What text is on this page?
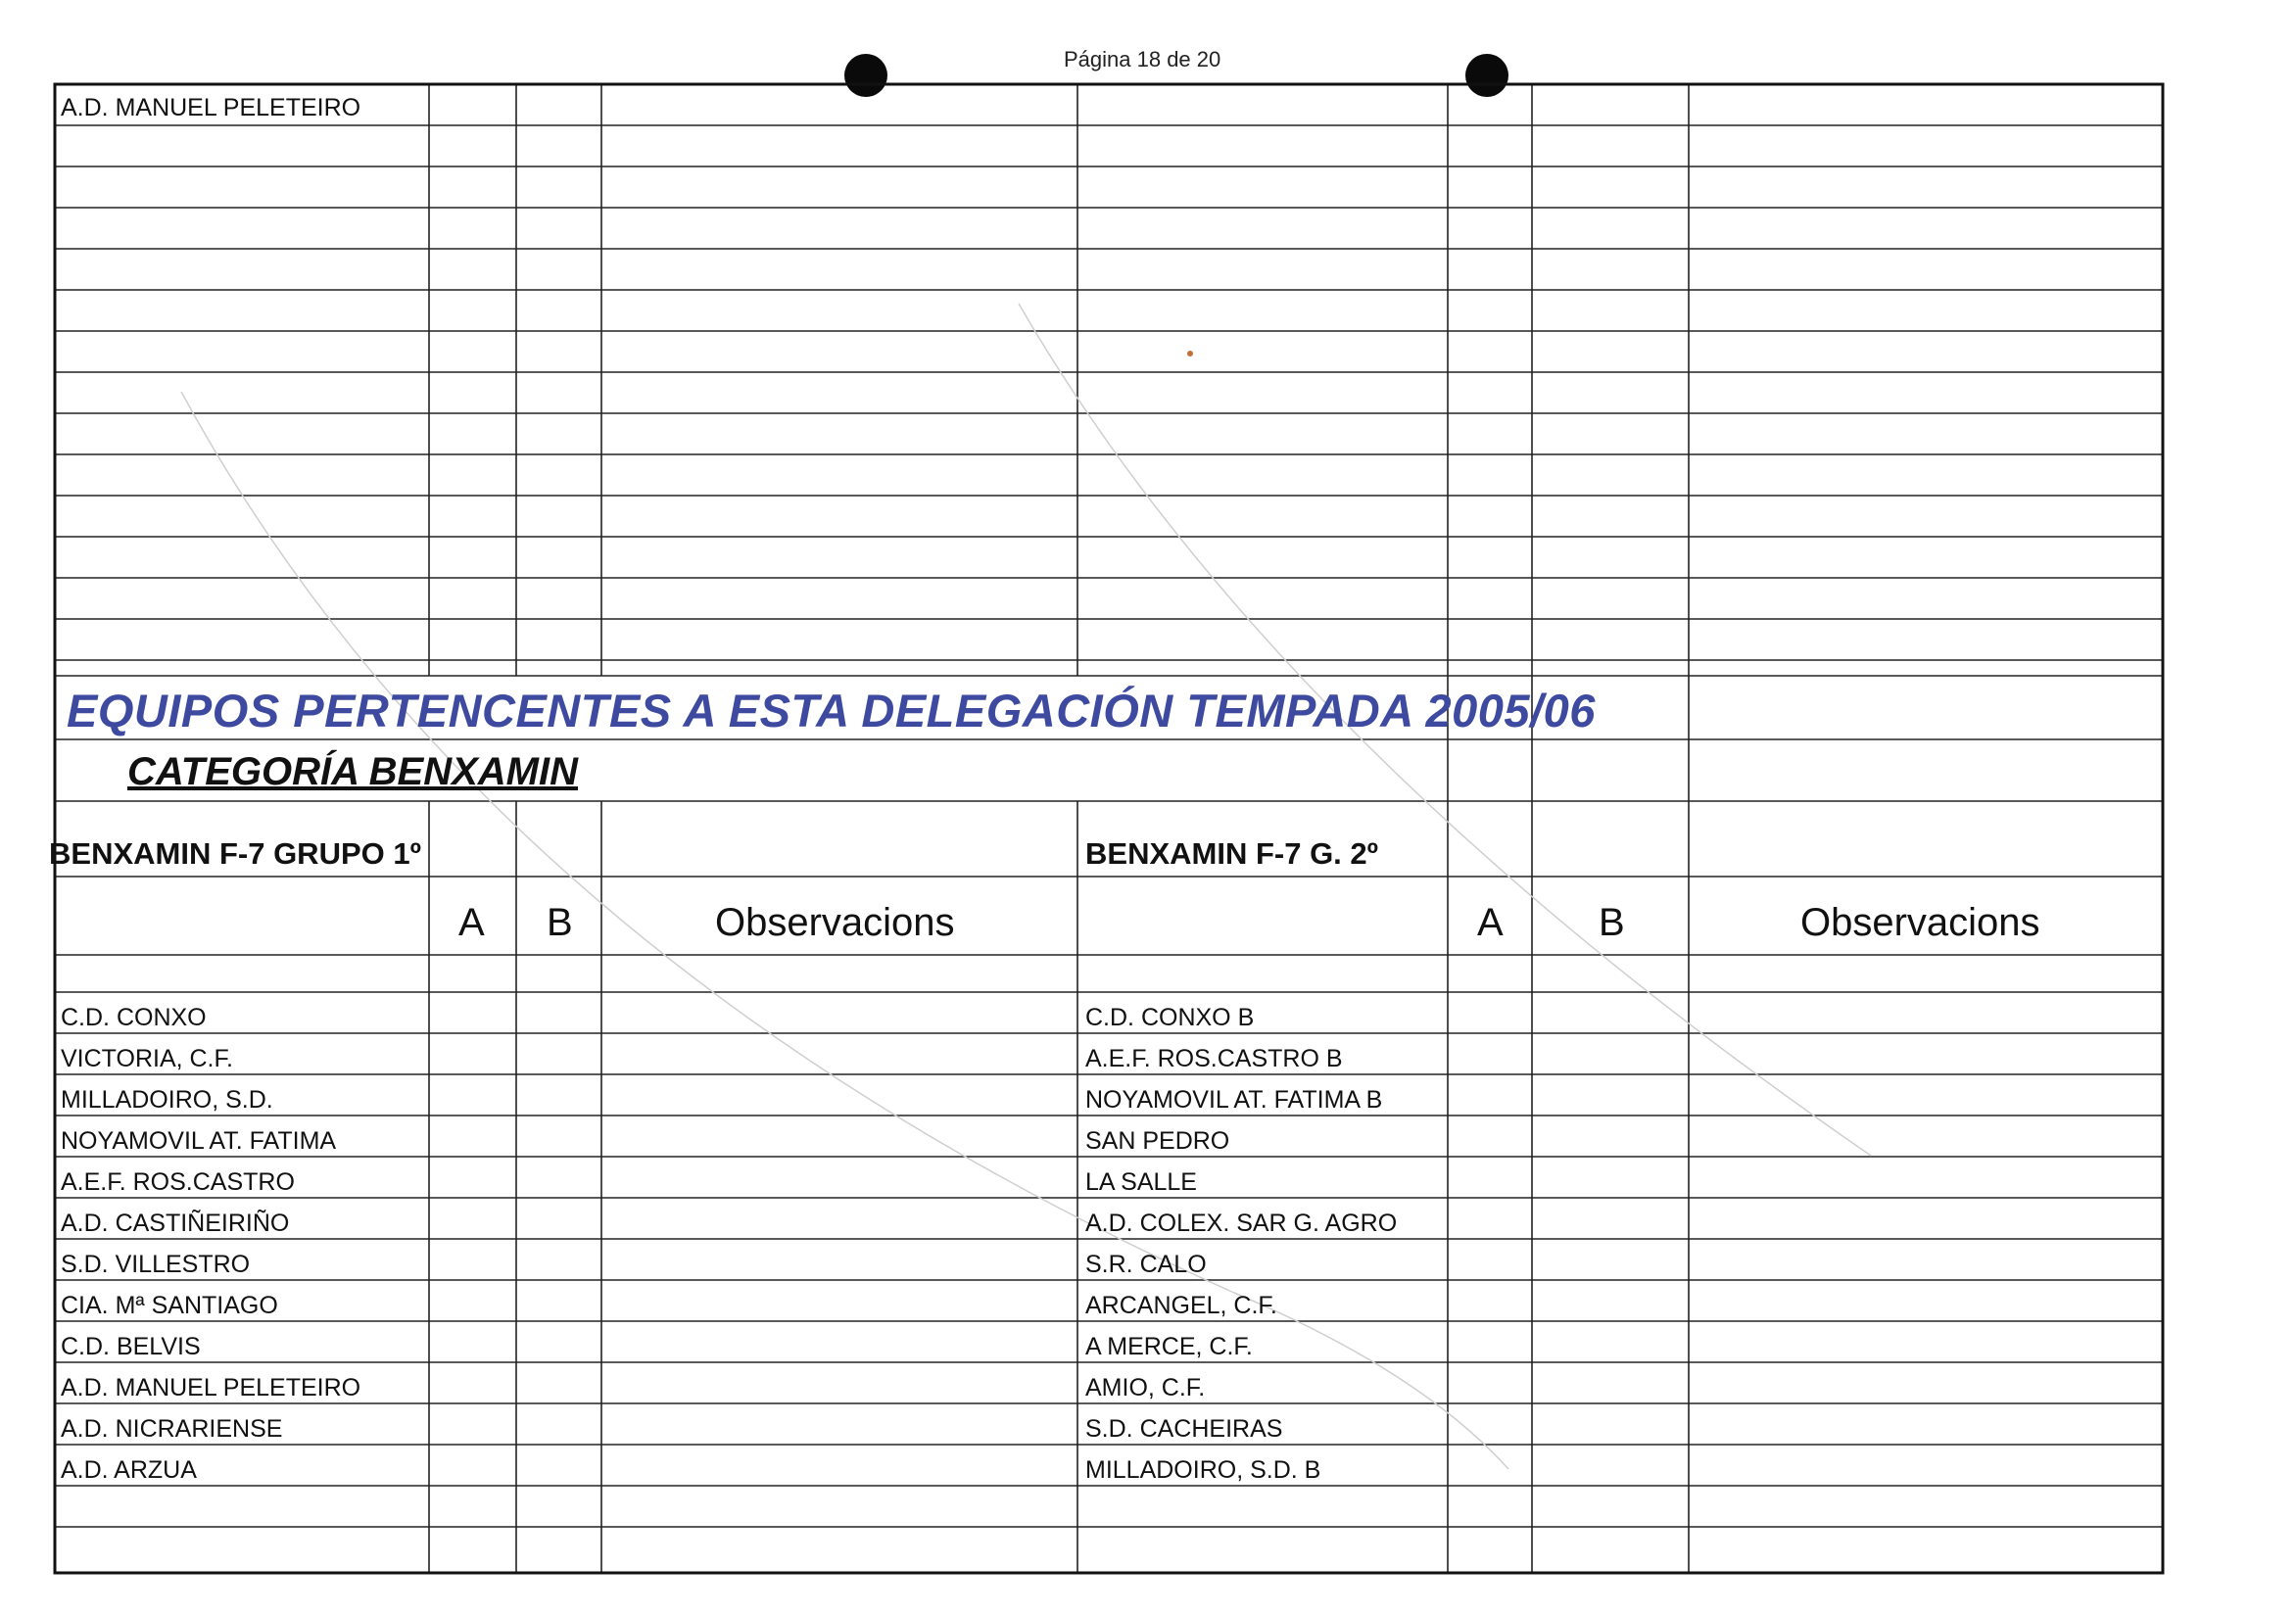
Página 18 de 20
A.D. MANUEL PELETEIRO
EQUIPOS PERTENCENTES A ESTA DELEGACIÓN TEMPADA 2005/06
CATEGORÍA BENXAMIN
BENXAMIN F-7 GRUPO 1º
A B	Observacions
BENXAMIN F-7 G. 2º
A B	Observacions
C.D. CONXO
VICTORIA, C.F.
MILLADOIRO, S.D.
NOYAMOVIL AT. FATIMA
A.E.F. ROS.CASTRO
A.D. CASTIÑEIRIÑO
S.D. VILLESTRO
CIA. Mª SANTIAGO
C.D. BELVIS
A.D. MANUEL PELETEIRO
A.D. NICRARIENSE
A.D. ARZUA
C.D. CONXO B
A.E.F. ROS.CASTRO B
NOYAMOVIL AT. FATIMA B
SAN PEDRO
LA SALLE
A.D. COLEX. SAR G. AGRO
S.R. CALO
ARCANGEL, C.F.
A MERCE, C.F.
AMIO, C.F.
S.D. CACHEIRAS
MILLADOIRO, S.D. B
